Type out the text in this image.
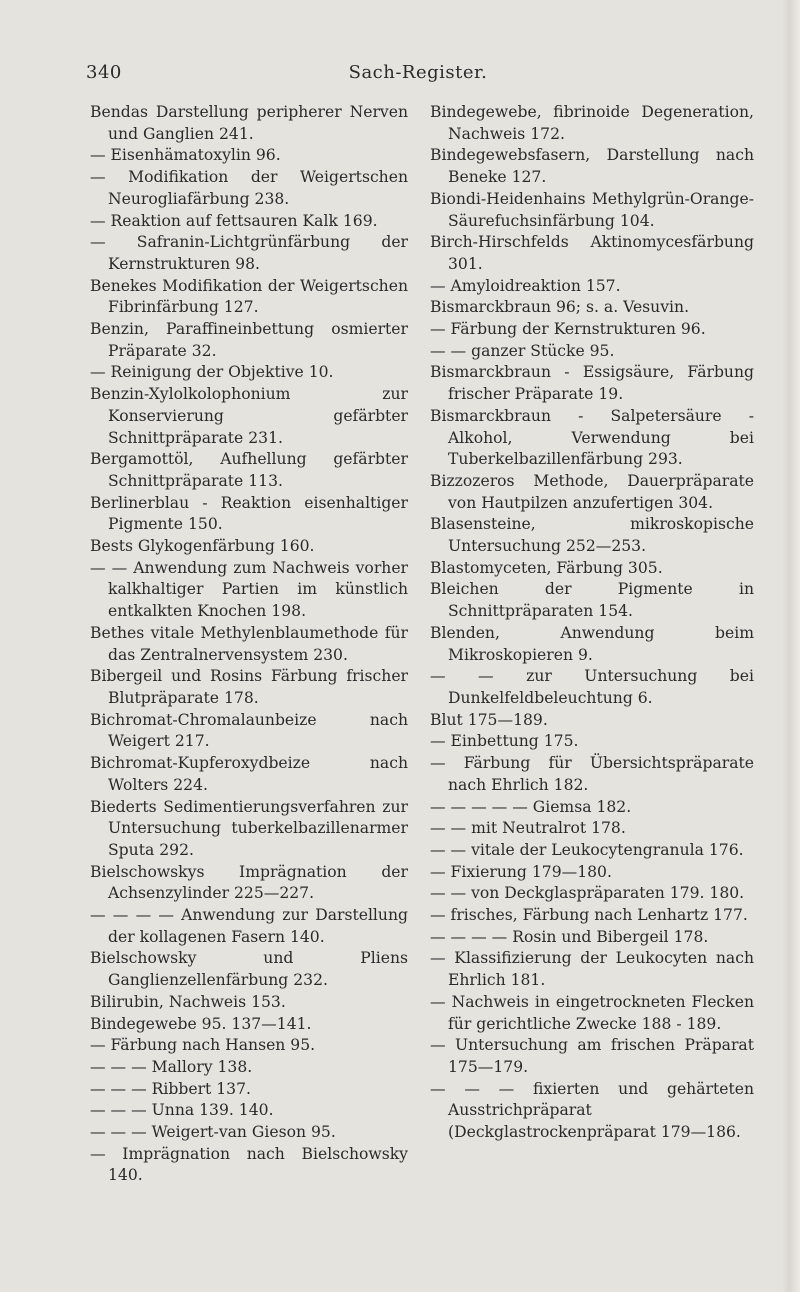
340	Sach-Register.

Bendas Darstellung peripherer Nerven und Ganglien 241.

— Eisenhämatoxylin 96.

— Modifikation der Weigertschen Neurogliafärbung 238.

— Reaktion auf fettsauren Kalk 169.

— Safranin-Lichtgrünfärbung der Kernstrukturen 98.

Benekes Modifikation der Weigertschen Fibrinfärbung 127.

Benzin, Paraffineinbettung osmierter Präparate 32.

— Reinigung der Objektive 10.

Benzin-Xylolkolophonium zur Konservierung gefärbter Schnittpräparate 231.

Bergamottöl, Aufhellung gefärbter Schnittpräparate 113.

Berlinerblau - Reaktion eisenhaltiger Pigmente 150.

Bests Glykogenfärbung 160.

— — Anwendung zum Nachweis vorher kalkhaltiger Partien im künstlich entkalkten Knochen 198.

Bethes vitale Methylenblaumethode für das Zentralnervensystem 230.

Bibergeil und Rosins Färbung frischer Blutpräparate 178.

Bichromat-Chromalaunbeize nach Weigert 217.

Bichromat-Kupferoxydbeize nach Wolters 224.

Biederts Sedimentierungsverfahren zur Untersuchung tuberkelbazillenarmer Sputa 292.

Bielschowskys Imprägnation der Achsenzylinder 225—227.

— — — — Anwendung zur Darstellung der kollagenen Fasern 140.

Bielschowsky und Pliens Ganglienzellenfärbung 232.

Bilirubin, Nachweis 153.

Bindegewebe 95. 137—141.

— Färbung nach Hansen 95.

— — — Mallory 138.

— — — Ribbert 137.

— — — Unna 139. 140.

— — — Weigert-van Gieson 95.

— Imprägnation nach Bielschowsky 140.

Bindegewebe, fibrinoide Degeneration, Nachweis 172.

Bindegewebsfasern, Darstellung nach Beneke 127.

Biondi-Heidenhains Methylgrün-Orange-Säurefuchsinfärbung 104.

Birch-Hirschfelds Aktinomycesfärbung 301.

— Amyloidreaktion 157.

Bismarckbraun 96; s. a. Vesuvin.

— Färbung der Kernstrukturen 96.

— — ganzer Stücke 95.

Bismarckbraun - Essigsäure, Färbung frischer Präparate 19.

Bismarckbraun - Salpetersäure - Alkohol, Verwendung bei Tuberkelbazillenfärbung 293.

Bizzozeros Methode, Dauerpräparate von Hautpilzen anzufertigen 304.

Blasensteine, mikroskopische Untersuchung 252—253.

Blastomyceten, Färbung 305.

Bleichen der Pigmente in Schnittpräparaten 154.

Blenden, Anwendung beim Mikroskopieren 9.

— — zur Untersuchung bei Dunkelfeldbeleuchtung 6.

Blut 175—189.

— Einbettung 175.

— Färbung für Übersichtspräparate nach Ehrlich 182.

— — — — — Giemsa 182.

— — mit Neutralrot 178.

— — vitale der Leukocytengranula 176.

— Fixierung 179—180.

— — von Deckglaspräparaten 179. 180.

— frisches, Färbung nach Lenhartz 177.

— — — — Rosin und Bibergeil 178.

— Klassifizierung der Leukocyten nach Ehrlich 181.

— Nachweis in eingetrockneten Flecken für gerichtliche Zwecke 188 - 189.

— Untersuchung am frischen Präparat 175—179.

— — — fixierten und gehärteten Ausstrichpräparat (Deckglastrockenpräparat 179—186.
